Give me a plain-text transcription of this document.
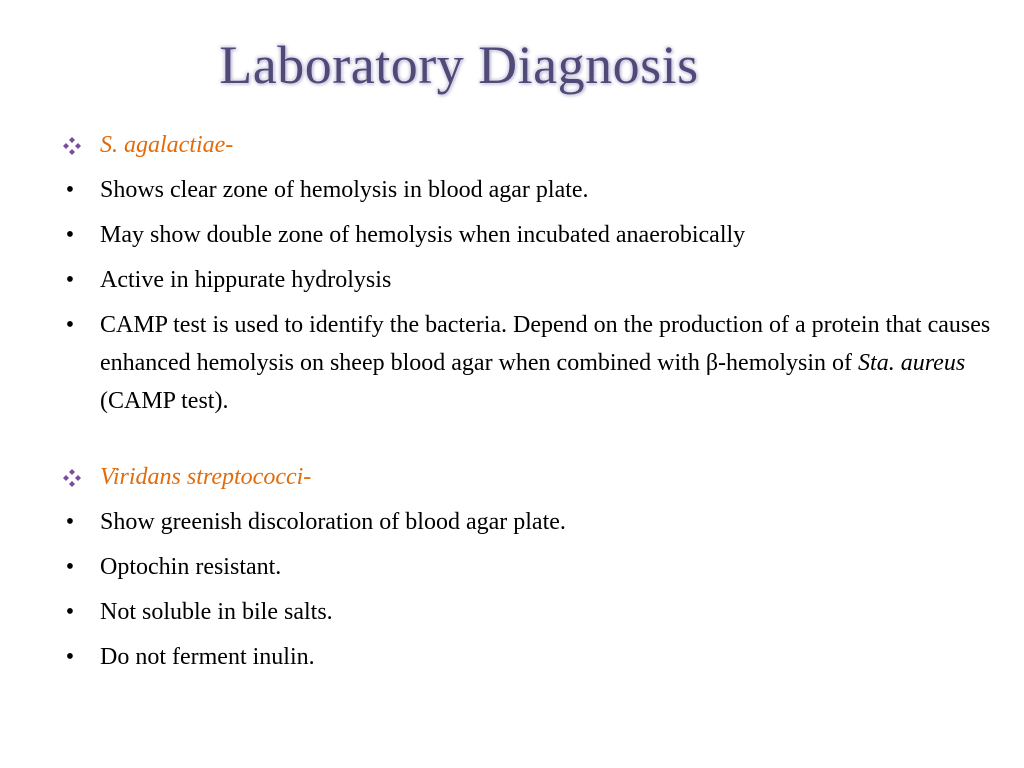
Laboratory Diagnosis
S. agalactiae-
• Shows clear zone of hemolysis in blood agar plate.
• May show double zone of hemolysis when incubated anaerobically
• Active in hippurate hydrolysis
• CAMP test is used to identify the bacteria. Depend on the production of a protein that causes enhanced hemolysis on sheep blood agar when combined with β-hemolysin of Sta. aureus (CAMP test).
Viridans streptococci-
• Show greenish discoloration of blood agar plate.
• Optochin resistant.
• Not soluble in bile salts.
• Do not ferment inulin.
